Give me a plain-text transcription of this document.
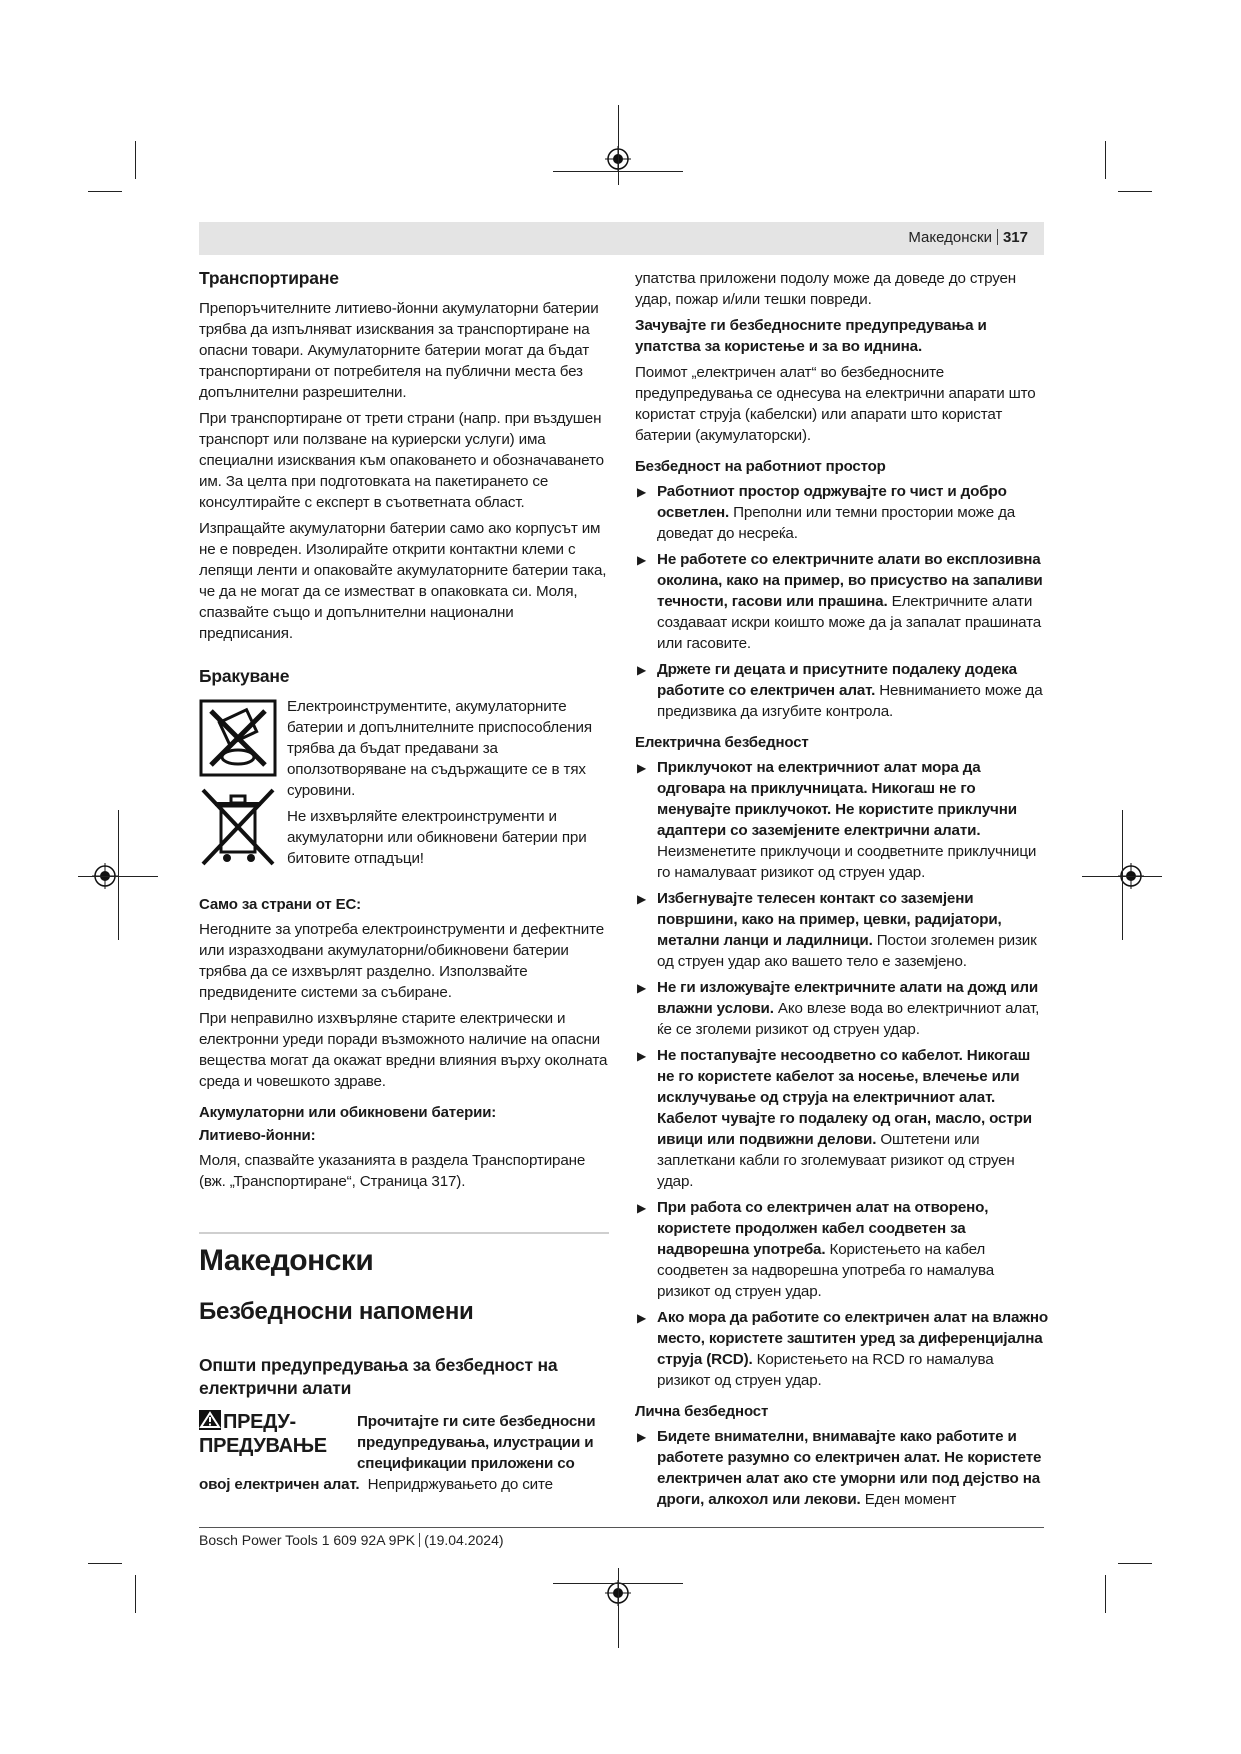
Македонски 317
Транспортиране

Препоръчителните литиево-йонни акумулаторни батерии трябва да изпълняват изисквания за транспортиране на опасни товари. Акумулаторните батерии могат да бъдат транспортирани от потребителя на публични места без допълнителни разрешителни.

При транспортиране от трети страни (напр. при въздушен транспорт или ползване на куриерски услуги) има специални изисквания към опаковането и обозначаването им. За целта при подготовката на пакетирането се консултирайте с експерт в съответната област.

Изпращайте акумулаторни батерии само ако корпусът им не е повреден. Изолирайте открити контактни клеми с лепящи ленти и опаковайте акумулаторните батерии така, че да не могат да се изместват в опаковката си. Моля, спазвайте също и допълнителни национални предписания.

Бракуване

Електроинструментите, акумулаторните батерии и допълнителните приспособления трябва да бъдат предавани за оползотворяване на съдържащите се в тях суровини.

Не изхвърляйте електроинструменти и акумулаторни или обикновени батерии при битовите отпадъци!

Само за страни от ЕС:

Негодните за употреба електроинструменти и дефектните или изразходвани акумулаторни/обикновени батерии трябва да се изхвърлят разделно. Използвайте предвидените системи за събиране.

При неправилно изхвърляне старите електрически и електронни уреди поради възможното наличие на опасни вещества могат да окажат вредни влияния върху околната среда и човешкото здраве.

Акумулаторни или обикновени батерии:
Литиево-йонни:

Моля, спазвайте указанията в раздела Транспортиране (вж. „Транспортиране“, Страница 317).

Македонски
Безбедносни напомени
Општи предупредувања за безбедност на електрични алати
ПРЕДУ-
ПРЕДУВАЊЕ
Прочитајте ги сите безбедносни
предупредувања, илустрации и
спецификации приложени со
овој електричен алат. Непридржувањето до сите

упатства приложени подолу може да доведе до струен удар, пожар и/или тешки повреди.

Зачувајте ги безбедносните предупредувања и упатства за користење и за во иднина.

Поимот „електричен алат“ во безбедносните предупредувања се однесува на електрични апарати што користат струја (кабелски) или апарати што користат батерии (акумулаторски).

Безбедност на работниот простор
▶ Работниот простор одржувајте го чист и добро осветлен. Преполни или темни простории може да доведат до несреќа.
▶ Не работете со електричните алати во експлозивна околина, како на пример, во присуство на запаливи течности, гасови или прашина. Електричните алати создаваат искри коишто може да ја запалат прашината или гасовите.
▶ Држете ги децата и присутните подалеку додека работите со електричен алат. Невниманието може да предизвика да изгубите контрола.
Електрична безбедност
▶ Приклучокот на електричниот алат мора да одговара на приклучницата. Никогаш не го менувајте приклучокот. Не користите приклучни адаптери со заземјените електрични алати. Неизменетите приклучоци и соодветните приклучници го намалуваат ризикот од струен удар.
▶ Избегнувајте телесен контакт со заземјени површини, како на пример, цевки, радијатори, метални ланци и ладилници. Постои зголемен ризик од струен удар ако вашето тело е заземјено.
▶ Не ги изложувајте електричните алати на дожд или влажни услови. Ако влезе вода во електричниот алат, ќе се зголеми ризикот од струен удар.
▶ Не постапувајте несоодветно со кабелот. Никогаш не го користете кабелот за носење, влечење или исклучување од струја на електричниот алат. Кабелот чувајте го подалеку од оган, масло, остри ивици или подвижни делови. Оштетени или заплеткани кабли го зголемуваат ризикот од струен удар.
▶ При работа со електричен алат на отворено, користете продолжен кабел соодветен за надворешна употреба. Користењето на кабел соодветен за надворешна употреба го намалува ризикот од струен удар.
▶ Ако мора да работите со електричен алат на влажно место, користете заштитен уред за диференцијална струја (RCD). Користењето на RCD го намалува ризикот од струен удар.
Лична безбедност
▶ Бидете внимателни, внимавајте како работите и работете разумно со електричен алат. Не користете електричен алат ако сте уморни или под дејство на дроги, алкохол или лекови. Еден момент
Bosch Power Tools 1 609 92A 9PK (19.04.2024)
